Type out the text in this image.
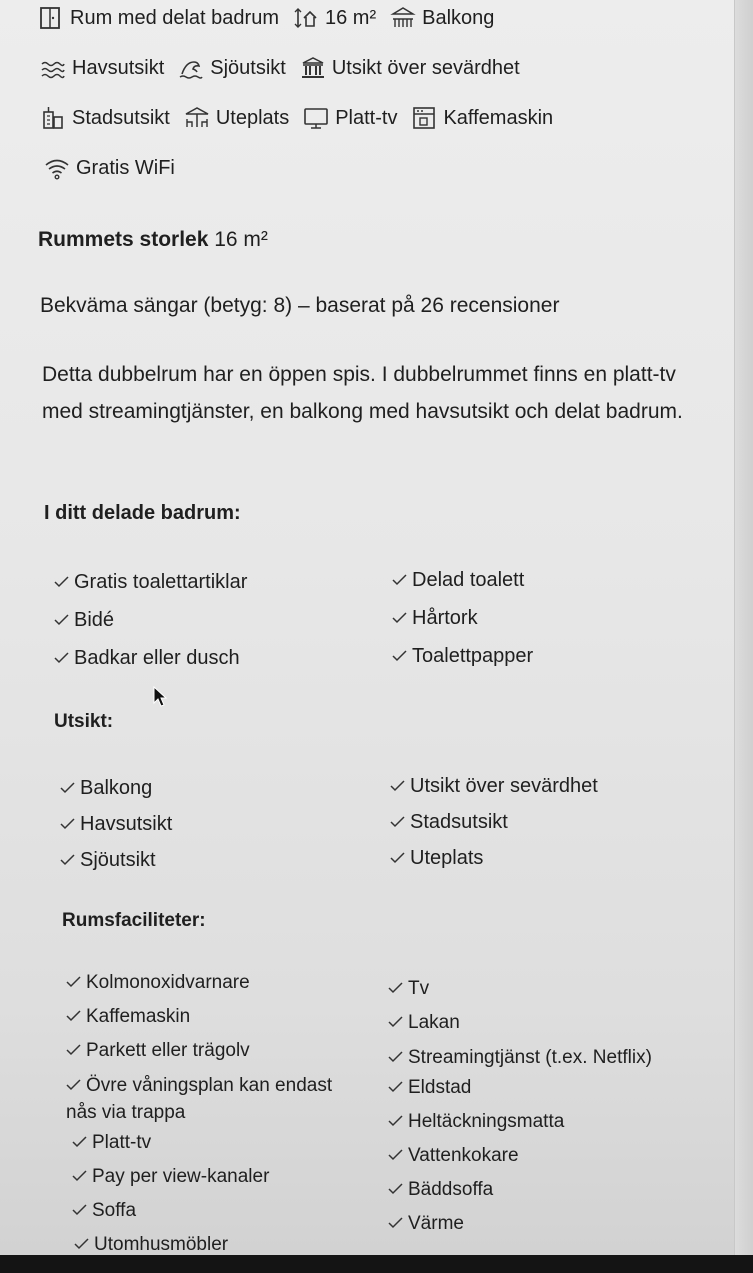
Rum med delat badrum 16 m² Balkong
Havsutsikt Sjöutsikt Utsikt över sevärdhet
Stadsutsikt Uteplats Platt-tv Kaffemaskin
Gratis WiFi
Rummets storlek 16 m²
Bekväma sängar (betyg: 8) – baserat på 26 recensioner
Detta dubbelrum har en öppen spis. I dubbelrummet finns en platt-tv med streamingtjänster, en balkong med havsutsikt och delat badrum.
I ditt delade badrum:
Gratis toalettartiklar
Bidé
Badkar eller dusch
Delad toalett
Hårtork
Toalettpapper
Utsikt:
Balkong
Havsutsikt
Sjöutsikt
Utsikt över sevärdhet
Stadsutsikt
Uteplats
Rumsfaciliteter:
Kolmonoxidvarnare
Kaffemaskin
Parkett eller trägolv
Övre våningsplan kan endast nås via trappa
Platt-tv
Pay per view-kanaler
Soffa
Utomhusmöbler
Tv
Lakan
Streamingtjänst (t.ex. Netflix)
Eldstad
Heltäckningsmatta
Vattenkokare
Bäddsoffa
Värme
